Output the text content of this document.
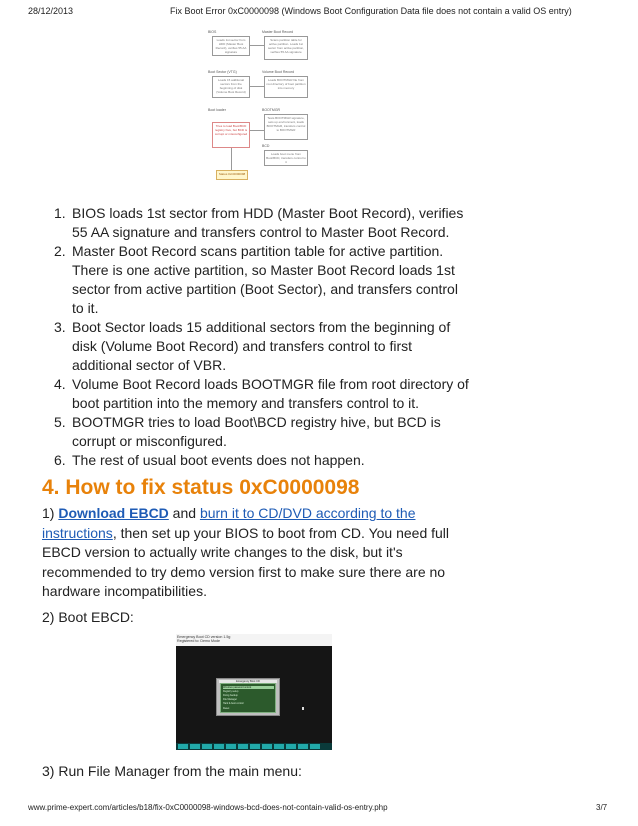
28/12/2013	Fix Boot Error 0xC0000098 (Windows Boot Configuration Data file does not contain a valid OS entry)
BIOS	Master Boot Record
Loads 1st sector from HDD (Master Boot Record), verifies 55 AA signature
Scans partition table for active partition. Loads 1st sector from active partition, verifies 55 AA signature
Boot Sector (VTG)	Volume Boot Record
Loads 15 additional sectors from the beginning of disk (Volume Boot Record)
Loads BOOTMGR file from root directory of boot partition into memory
Boot loader	BOOTMGR
Tries to load Boot\BCD registry hive, but BCD is corrupt or misconfigured
Tests BOOTMGR signature, sets up environment, loads BOOTMGR, transfers control to BOOTMGR
BCD
Loads boot menu from Boot\BCD, transfers control to it
Status 0xC0000098
1. BIOS loads 1st sector from HDD (Master Boot Record), verifies 55 AA signature and transfers control to Master Boot Record.
2. Master Boot Record scans partition table for active partition. There is one active partition, so Master Boot Record loads 1st sector from active partition (Boot Sector), and transfers control to it.
3. Boot Sector loads 15 additional sectors from the beginning of disk (Volume Boot Record) and transfers control to first additional sector of VBR.
4. Volume Boot Record loads BOOTMGR file from root directory of boot partition into the memory and transfers control to it.
5. BOOTMGR tries to load Boot\BCD registry hive, but BCD is corrupt or misconfigured.
6. The rest of usual boot events does not happen.
4. How to fix status 0xC0000098

1) Download EBCD and burn it to CD/DVD according to the instructions, then set up your BIOS to boot from CD. You need full EBCD version to actually write changes to the disk, but it's recommended to try demo version first to make sure there are no hardware incompatibilities.

2) Boot EBCD:

Emergency Boot CD version 1.5g
Registered to: Demo Mode
Emergency Boot CD
Windows password unlock
Registry setup
Fixing backup
File Manager
Hard & boot control
Reset

3) Run File Manager from the main menu:

www.prime-expert.com/articles/b18/fix-0xC0000098-windows-bcd-does-not-contain-valid-os-entry.php	3/7
